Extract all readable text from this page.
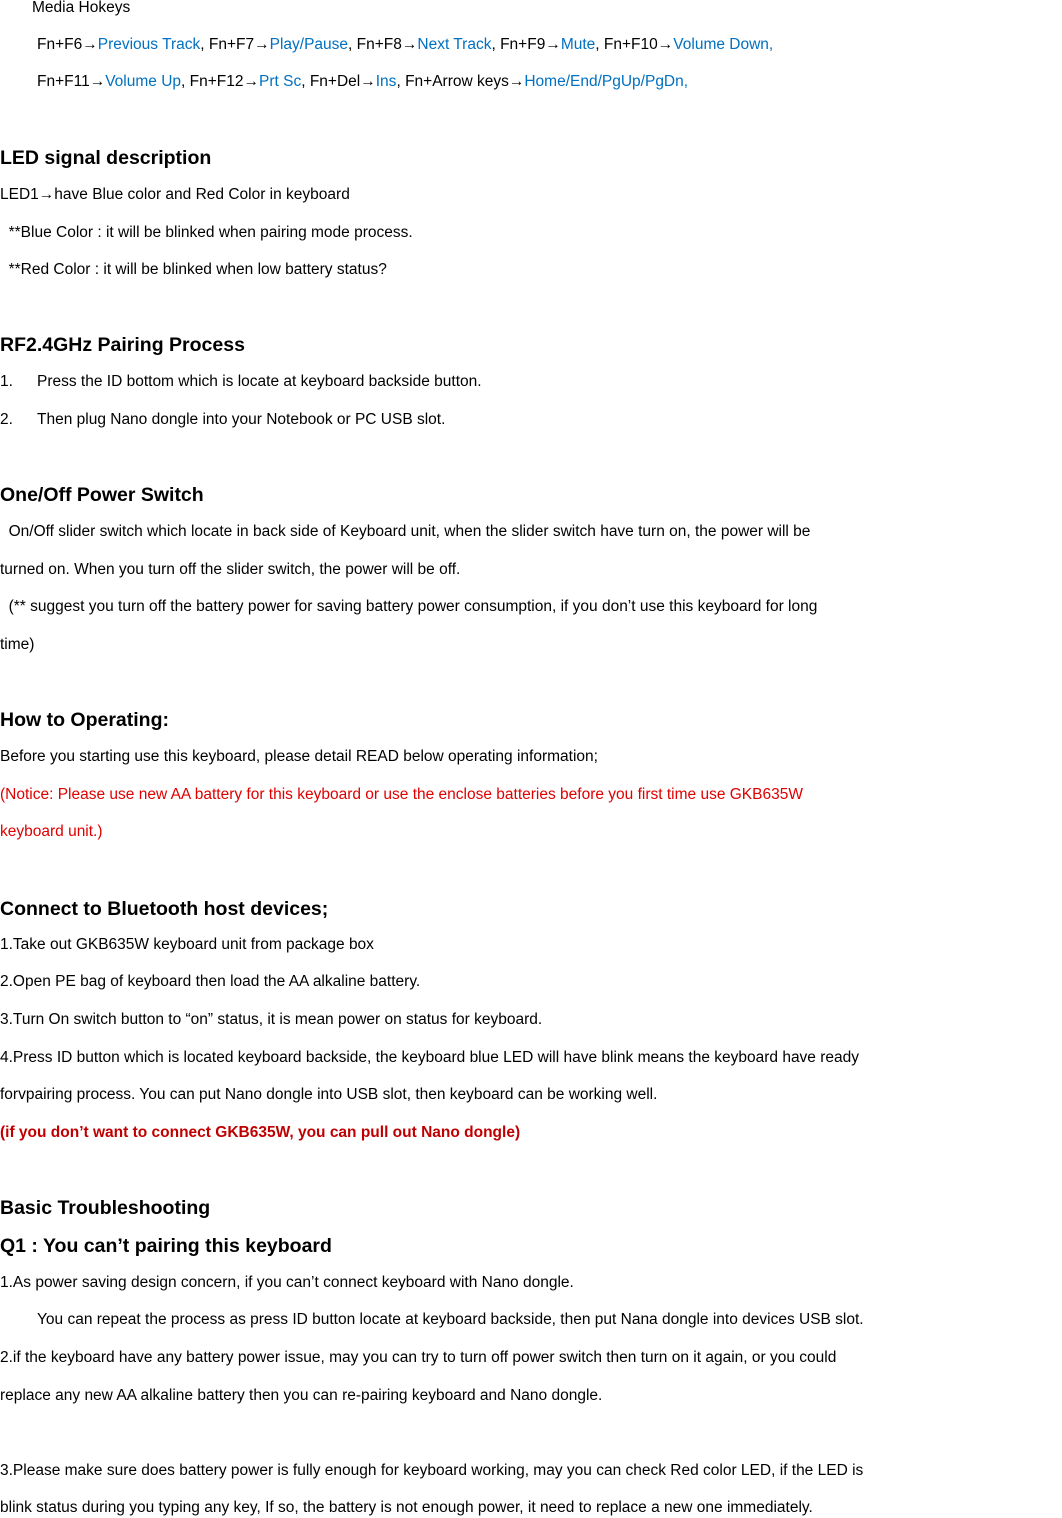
Media Hokeys
Fn+F6→Previous Track, Fn+F7→Play/Pause, Fn+F8→Next Track, Fn+F9→Mute, Fn+F10→Volume Down,
Fn+F11→Volume Up, Fn+F12→Prt Sc, Fn+Del→Ins, Fn+Arrow keys→Home/End/PgUp/PgDn,
LED signal description
LED1→have Blue color and Red Color in keyboard
**Blue Color : it will be blinked when pairing mode process.
**Red Color : it will be blinked when low battery status?
RF2.4GHz Pairing Process
1. Press the ID bottom which is locate at keyboard backside button.
2. Then plug Nano dongle into your Notebook or PC USB slot.
One/Off Power Switch
On/Off slider switch which locate in back side of Keyboard unit, when the slider switch have turn on, the power will be
turned on. When you turn off the slider switch, the power will be off.
(** suggest you turn off the battery power for saving battery power consumption, if you don’t use this keyboard for long
time)
How to Operating:
Before you starting use this keyboard, please detail READ below operating information;
(Notice: Please use new AA battery for this keyboard or use the enclose batteries before you first time use GKB635W
keyboard unit.)
Connect to Bluetooth host devices;
1.Take out GKB635W keyboard unit from package box
2.Open PE bag of keyboard then load the AA alkaline battery.
3.Turn On switch button to “on” status, it is mean power on status for keyboard.
4.Press ID button which is located keyboard backside, the keyboard blue LED will have blink means the keyboard have ready
forvpairing process. You can put Nano dongle into USB slot, then keyboard can be working well.
(if you don’t want to connect GKB635W, you can pull out Nano dongle)
Basic Troubleshooting
Q1 : You can’t pairing this keyboard
1.As power saving design concern, if you can’t connect keyboard with Nano dongle.
You can repeat the process as press ID button locate at keyboard backside, then put Nana dongle into devices USB slot.
2.if the keyboard have any battery power issue, may you can try to turn off power switch then turn on it again, or you could
replace any new AA alkaline battery then you can re-pairing keyboard and Nano dongle.
3.Please make sure does battery power is fully enough for keyboard working, may you can check Red color LED, if the LED is
blink status during you typing any key, If so, the battery is not enough power, it need to replace a new one immediately.
